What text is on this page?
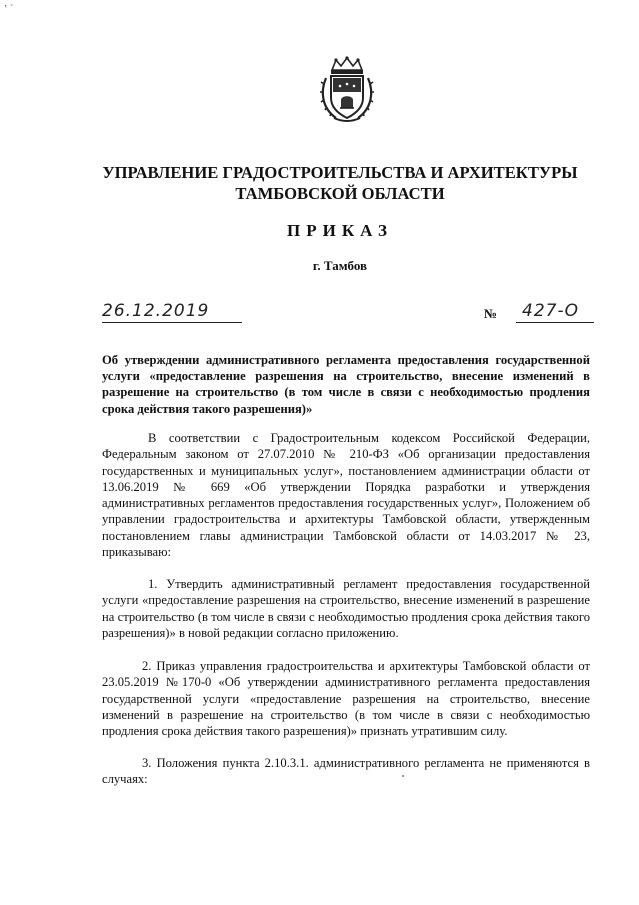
‛ ˊ
УПРАВЛЕНИЕ ГРАДОСТРОИТЕЛЬСТВА И АРХИТЕКТУРЫ
ТАМБОВСКОЙ ОБЛАСТИ
ПРИКАЗ
г. Тамбов
26.12.2019	№ 427-О
Об утверждении административного регламента предоставления государственной услуги «предоставление разрешения на строительство, внесение изменений в разрешение на строительство (в том числе в связи с необходимостью продления срока действия такого разрешения)»

В соответствии с Градостроительным кодексом Российской Федерации, Федеральным законом от 27.07.2010 № 210-ФЗ «Об организации предоставления государственных и муниципальных услуг», постановлением администрации области от 13.06.2019 № 669 «Об утверждении Порядка разработки и утверждения административных регламентов предоставления государственных услуг», Положением об управлении градостроительства и архитектуры Тамбовской области, утвержденным постановлением главы администрации Тамбовской области от 14.03.2017 № 23, приказываю:

1. Утвердить административный регламент предоставления государственной услуги «предоставление разрешения на строительство, внесение изменений в разрешение на строительство (в том числе в связи с необходимостью продления срока действия такого разрешения)» в новой редакции согласно приложению.

2. Приказ управления градостроительства и архитектуры Тамбовской области от 23.05.2019 №170-0 «Об утверждении административного регламента предоставления государственной услуги «предоставление разрешения на строительство, внесение изменений в разрешение на строительство (в том числе в связи с необходимостью продления срока действия такого разрешения)» признать утратившим силу.

3. Положения пункта 2.10.3.1. административного регламента не применяются в случаях:
